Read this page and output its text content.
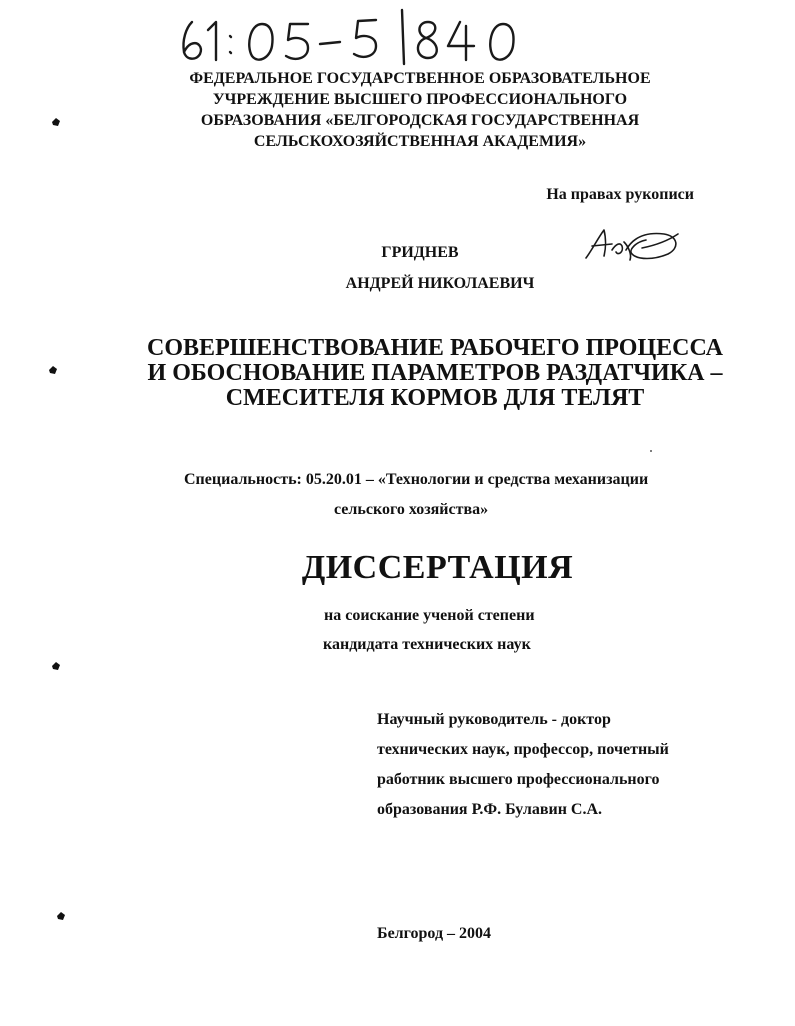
ФЕДЕРАЛЬНОЕ ГОСУДАРСТВЕННОЕ ОБРАЗОВАТЕЛЬНОЕ
УЧРЕЖДЕНИЕ ВЫСШЕГО ПРОФЕССИОНАЛЬНОГО
ОБРАЗОВАНИЯ «БЕЛГОРОДСКАЯ ГОСУДАРСТВЕННАЯ
СЕЛЬСКОХОЗЯЙСТВЕННАЯ АКАДЕМИЯ»
На правах рукописи
ГРИДНЕВ
АНДРЕЙ НИКОЛАЕВИЧ
СОВЕРШЕНСТВОВАНИЕ РАБОЧЕГО ПРОЦЕССА
И ОБОСНОВАНИЕ ПАРАМЕТРОВ РАЗДАТЧИКА –
СМЕСИТЕЛЯ КОРМОВ ДЛЯ ТЕЛЯТ
Специальность: 05.20.01 – «Технологии и средства механизации
сельского хозяйства»
ДИССЕРТАЦИЯ
на соискание ученой степени
кандидата технических наук
Научный руководитель - доктор
технических наук, профессор, почетный
работник высшего профессионального
образования Р.Ф. Булавин С.А.
Белгород – 2004
